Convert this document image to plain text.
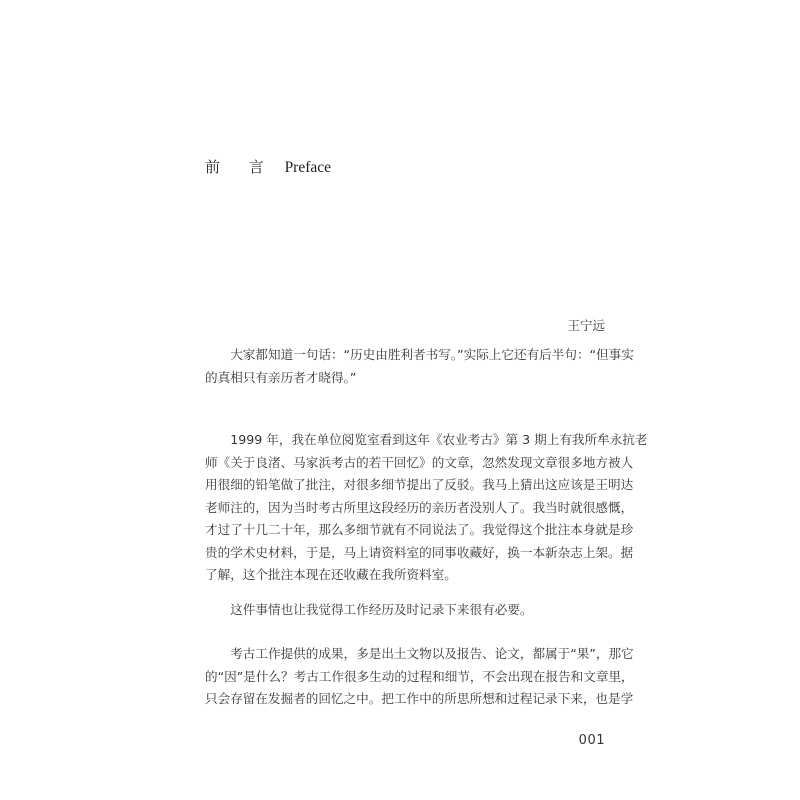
前 言 Preface
王宁远
大家都知道一句话：“历史由胜利者书写。”实际上它还有后半句：“但事实
的真相只有亲历者才晓得。”
1999 年，我在单位阅览室看到这年《农业考古》第 3 期上有我所牟永抗老
师《关于良渚、马家浜考古的若干回忆》的文章，忽然发现文章很多地方被人
用很细的铅笔做了批注，对很多细节提出了反驳。我马上猜出这应该是王明达
老师注的，因为当时考古所里这段经历的亲历者没别人了。我当时就很感慨，
才过了十几二十年，那么多细节就有不同说法了。我觉得这个批注本身就是珍
贵的学术史材料，于是，马上请资料室的同事收藏好，换一本新杂志上架。据
了解，这个批注本现在还收藏在我所资料室。
这件事情也让我觉得工作经历及时记录下来很有必要。
考古工作提供的成果，多是出土文物以及报告、论文，都属于“果”，那它
的“因”是什么？考古工作很多生动的过程和细节，不会出现在报告和文章里，
只会存留在发掘者的回忆之中。把工作中的所思所想和过程记录下来，也是学
001
